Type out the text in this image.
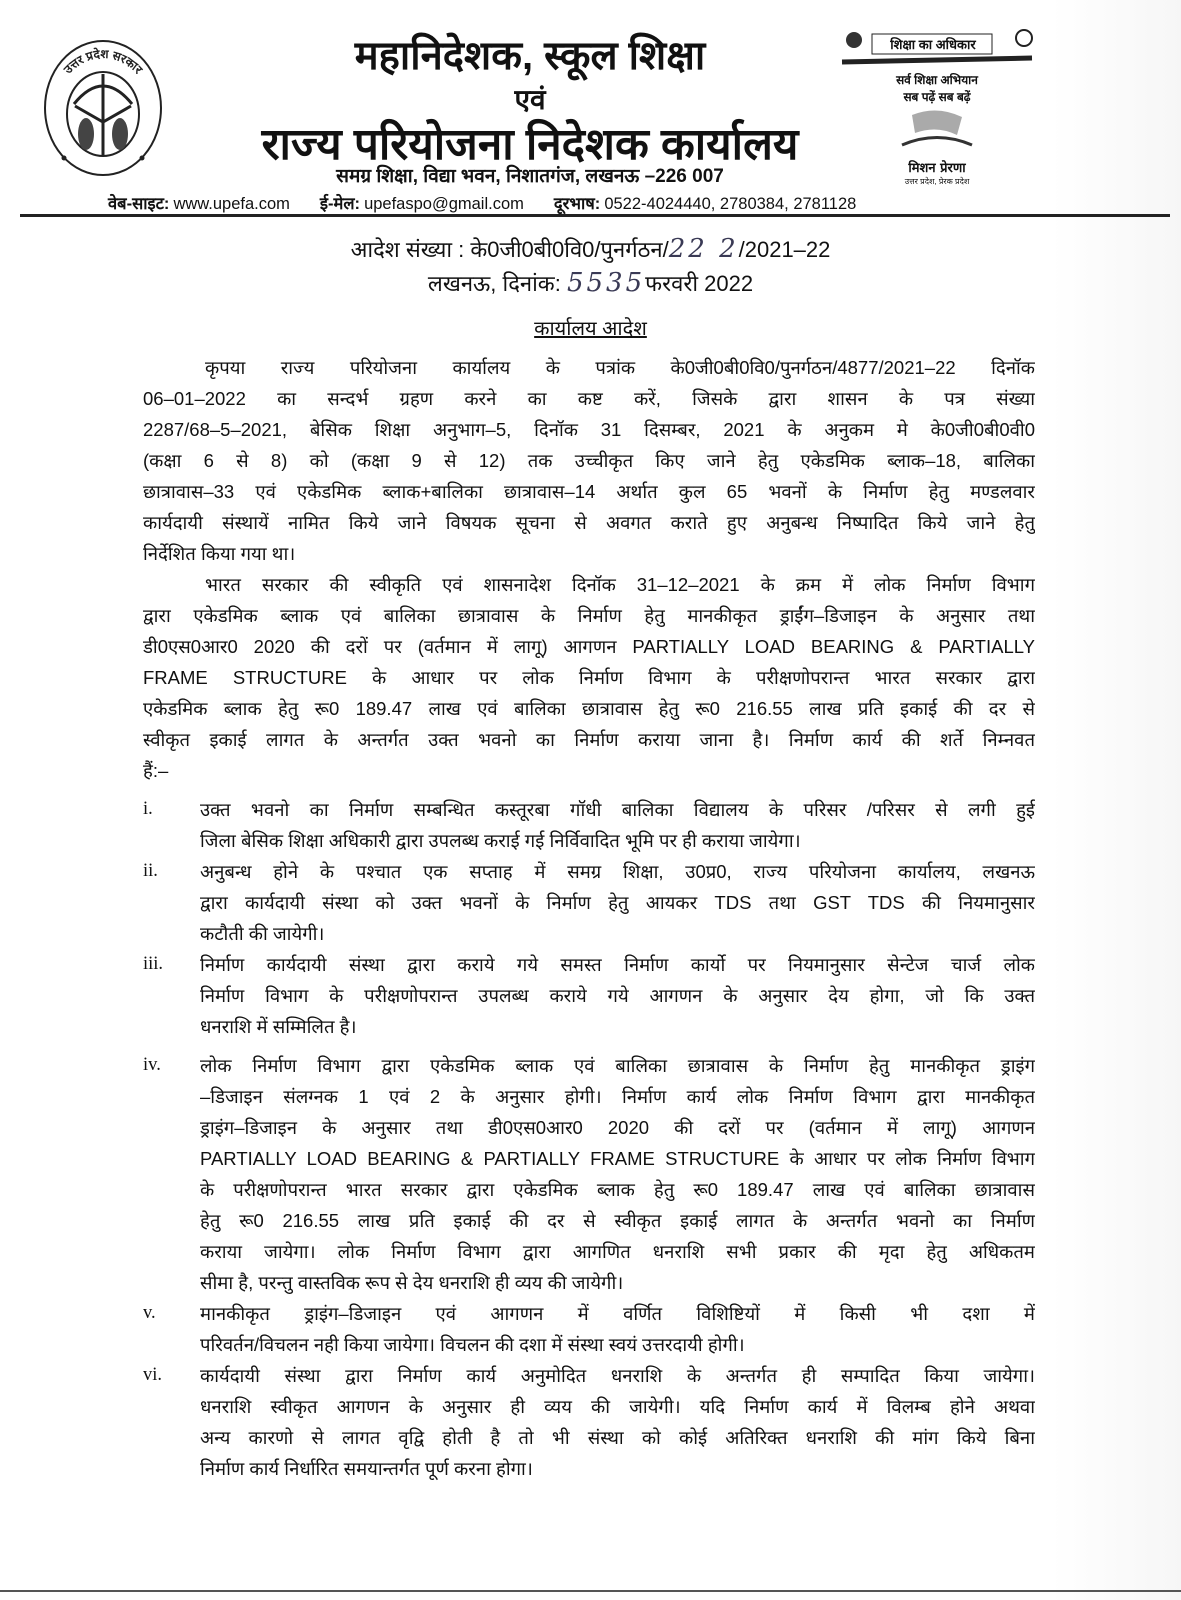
उत्तर प्रदेश सरकार	महानिदेशक, स्कूल शिक्षा
एवं
राज्य परियोजना निदेशक कार्यालय
समग्र शिक्षा, विद्या भवन, निशातगंज, लखनऊ –226 007
वेब-साइट: www.upefa.com ई-मेल: upefaspo@gmail.com दूरभाष: 0522-4024440, 2780384, 2781128
शिक्षा का अधिकार
सर्व शिक्षा अभियान
सब पढ़ें सब बढ़ें
मिशन प्रेरणा
उत्तर प्रदेश, प्रेरक प्रदेश
आदेश संख्या : के0जी0बी0वि0/पुनर्गठन/22 2/2021–22
लखनऊ, दिनांक: 5535फरवरी 2022
कार्यालय आदेश
कृपया राज्य परियोजना कार्यालय के पत्रांक के0जी0बी0वि0/पुनर्गठन/4877/2021–22 दिनॉक
06–01–2022 का सन्दर्भ ग्रहण करने का कष्ट करें, जिसके द्वारा शासन के पत्र संख्या
2287/68–5–2021, बेसिक शिक्षा अनुभाग–5, दिनॉक 31 दिसम्बर, 2021 के अनुकम मे के0जी0बी0वी0
(कक्षा 6 से 8) को (कक्षा 9 से 12) तक उच्चीकृत किए जाने हेतु एकेडमिक ब्लाक–18, बालिका
छात्रावास–33 एवं एकेडमिक ब्लाक+बालिका छात्रावास–14 अर्थात कुल 65 भवनों के निर्माण हेतु मण्डलवार
कार्यदायी संस्थायें नामित किये जाने विषयक सूचना से अवगत कराते हुए अनुबन्ध निष्पादित किये जाने हेतु
निर्देशित किया गया था।
भारत सरकार की स्वीकृति एवं शासनादेश दिनॉक 31–12–2021 के क्रम में लोक निर्माण विभाग
द्वारा एकेडमिक ब्लाक एवं बालिका छात्रावास के निर्माण हेतु मानकीकृत ड्राईंग–डिजाइन के अनुसार तथा
डी0एस0आर0 2020 की दरों पर (वर्तमान में लागू) आगणन PARTIALLY LOAD BEARING & PARTIALLY
FRAME STRUCTURE के आधार पर लोक निर्माण विभाग के परीक्षणोपरान्त भारत सरकार द्वारा
एकेडमिक ब्लाक हेतु रू0 189.47 लाख एवं बालिका छात्रावास हेतु रू0 216.55 लाख प्रति इकाई की दर से
स्वीकृत इकाई लागत के अन्तर्गत उक्त भवनो का निर्माण कराया जाना है। निर्माण कार्य की शर्ते निम्नवत
हैं:–
i.	उक्त भवनो का निर्माण सम्बन्धित कस्तूरबा गॉधी बालिका विद्यालय के परिसर /परिसर से लगी हुई
जिला बेसिक शिक्षा अधिकारी द्वारा उपलब्ध कराई गई निर्विवादित भूमि पर ही कराया जायेगा।
ii. अनुबन्ध होने के पश्चात एक सप्ताह में समग्र शिक्षा, उ0प्र0, राज्य परियोजना कार्यालय, लखनऊ
द्वारा कार्यदायी संस्था को उक्त भवनों के निर्माण हेतु आयकर TDS तथा GST TDS की नियमानुसार
कटौती की जायेगी।
iii. निर्माण कार्यदायी संस्था द्वारा कराये गये समस्त निर्माण कार्यो पर नियमानुसार सेन्टेज चार्ज लोक
निर्माण विभाग के परीक्षणोपरान्त उपलब्ध कराये गये आगणन के अनुसार देय होगा, जो कि उक्त
धनराशि में सम्मिलित है।
iv. लोक निर्माण विभाग द्वारा एकेडमिक ब्लाक एवं बालिका छात्रावास के निर्माण हेतु मानकीकृत ड्राइंग
–डिजाइन संलग्नक 1 एवं 2 के अनुसार होगी। निर्माण कार्य लोक निर्माण विभाग द्वारा मानकीकृत
ड्राइंग–डिजाइन के अनुसार तथा डी0एस0आर0 2020 की दरों पर (वर्तमान में लागू) आगणन
PARTIALLY LOAD BEARING & PARTIALLY FRAME STRUCTURE के आधार पर लोक निर्माण विभाग
के परीक्षणोपरान्त भारत सरकार द्वारा एकेडमिक ब्लाक हेतु रू0 189.47 लाख एवं बालिका छात्रावास
हेतु रू0 216.55 लाख प्रति इकाई की दर से स्वीकृत इकाई लागत के अन्तर्गत भवनो का निर्माण
कराया जायेगा। लोक निर्माण विभाग द्वारा आगणित धनराशि सभी प्रकार की मृदा हेतु अधिकतम
सीमा है, परन्तु वास्तविक रूप से देय धनराशि ही व्यय की जायेगी।
v. मानकीकृत ड्राइंग–डिजाइन एवं आगणन में वर्णित विशिष्टियों में किसी भी दशा में
परिवर्तन/विचलन नही किया जायेगा। विचलन की दशा में संस्था स्वयं उत्तरदायी होगी।
vi. कार्यदायी संस्था द्वारा निर्माण कार्य अनुमोदित धनराशि के अन्तर्गत ही सम्पादित किया जायेगा।
धनराशि स्वीकृत आगणन के अनुसार ही व्यय की जायेगी। यदि निर्माण कार्य में विलम्ब होने अथवा
अन्य कारणो से लागत वृद्वि होती है तो भी संस्था को कोई अतिरिक्त धनराशि की मांग किये बिना
निर्माण कार्य निर्धारित समयान्तर्गत पूर्ण करना होगा।
